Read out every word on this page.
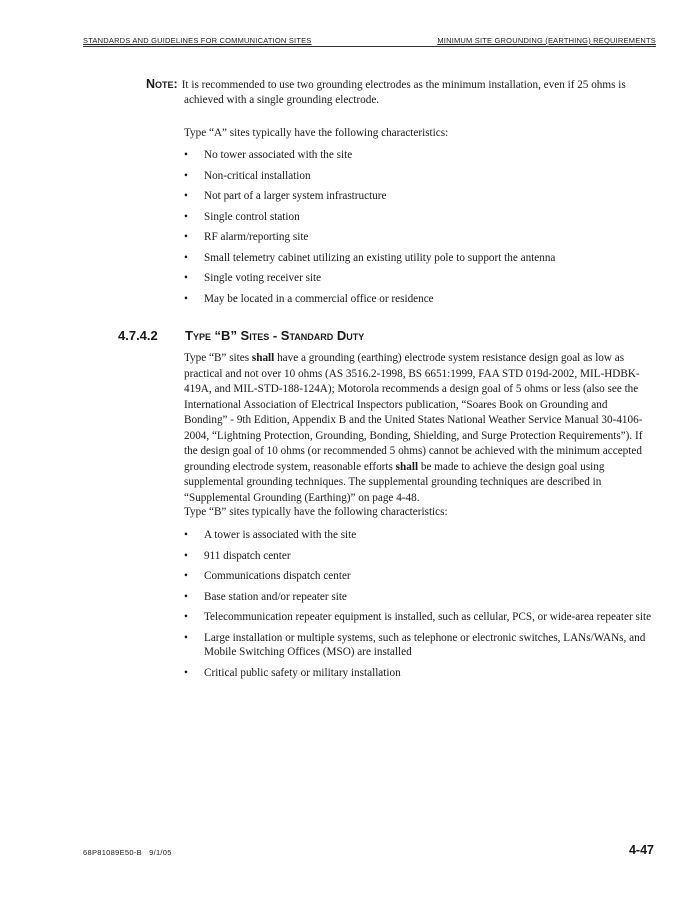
STANDARDS AND GUIDELINES FOR COMMUNICATION SITES	MINIMUM SITE GROUNDING (EARTHING) REQUIREMENTS
Note: It is recommended to use two grounding electrodes as the minimum installation, even if 25 ohms is
achieved with a single grounding electrode.
Type “A” sites typically have the following characteristics:
• No tower associated with the site
• Non-critical installation
• Not part of a larger system infrastructure
• Single control station
• RF alarm/reporting site
• Small telemetry cabinet utilizing an existing utility pole to support the antenna
• Single voting receiver site
• May be located in a commercial office or residence
4.7.4.2 Type “B” Sites - Standard Duty
Type “B” sites shall have a grounding (earthing) electrode system resistance design goal as low as practical and not over 10 ohms (AS 3516.2-1998, BS 6651:1999, FAA STD 019d-2002, MIL-HDBK-419A, and MIL-STD-188-124A); Motorola recommends a design goal of 5 ohms or less (also see the International Association of Electrical Inspectors publication, “Soares Book on Grounding and Bonding” - 9th Edition, Appendix B and the United States National Weather Service Manual 30-4106-2004, “Lightning Protection, Grounding, Bonding, Shielding, and Surge Protection Requirements”). If the design goal of 10 ohms (or recommended 5 ohms) cannot be achieved with the minimum accepted grounding electrode system, reasonable efforts shall be made to achieve the design goal using supplemental grounding techniques. The supplemental grounding techniques are described in “Supplemental Grounding (Earthing)” on page 4-48.
Type “B” sites typically have the following characteristics:
• A tower is associated with the site
• 911 dispatch center
• Communications dispatch center
• Base station and/or repeater site
• Telecommunication repeater equipment is installed, such as cellular, PCS, or wide-area repeater site
• Large installation or multiple systems, such as telephone or electronic switches, LANs/WANs, and Mobile Switching Offices (MSO) are installed
• Critical public safety or military installation
68P81089E50-B   9/1/05	4-47
